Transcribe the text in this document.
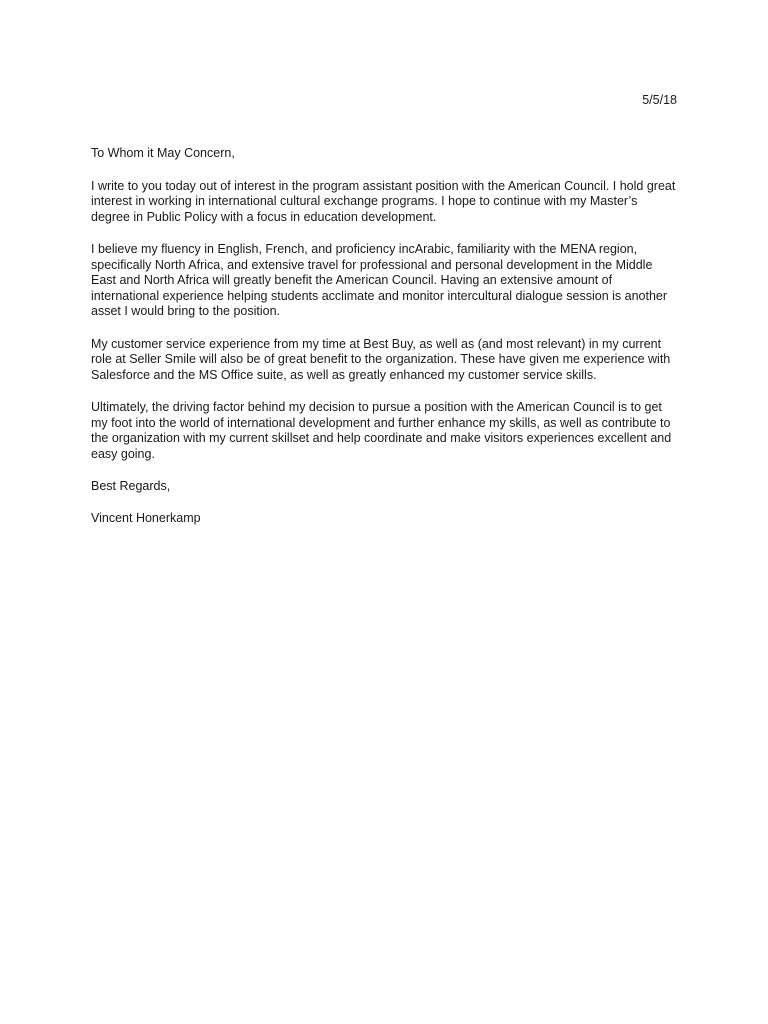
5/5/18

To Whom it May Concern,

I write to you today out of interest in the program assistant position with the American Council. I hold great
interest in working in international cultural exchange programs. I hope to continue with my Master’s
degree in Public Policy with a focus in education development.

I believe my fluency in English, French, and proficiency incArabic, familiarity with the MENA region,
specifically North Africa, and extensive travel for professional and personal development in the Middle
East and North Africa will greatly benefit the American Council. Having an extensive amount of
international experience helping students acclimate and monitor intercultural dialogue session is another
asset I would bring to the position.

My customer service experience from my time at Best Buy, as well as (and most relevant) in my current
role at Seller Smile will also be of great benefit to the organization. These have given me experience with
Salesforce and the MS Office suite, as well as greatly enhanced my customer service skills.

Ultimately, the driving factor behind my decision to pursue a position with the American Council is to get
my foot into the world of international development and further enhance my skills, as well as contribute to
the organization with my current skillset and help coordinate and make visitors experiences excellent and
easy going.

Best Regards,

Vincent Honerkamp
